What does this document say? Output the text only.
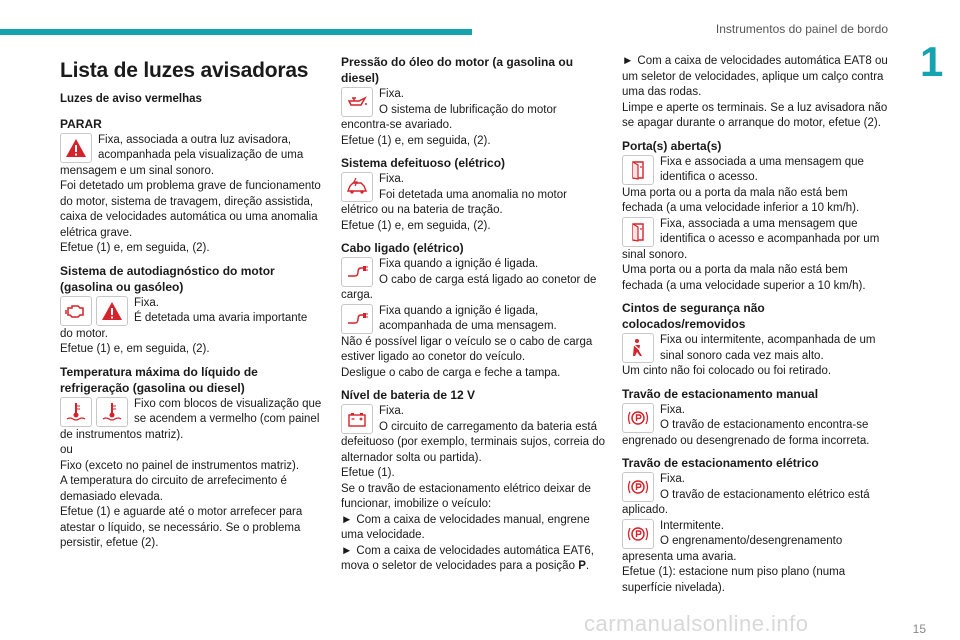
Instrumentos do painel de bordo
1
Lista de luzes avisadoras
Luzes de aviso vermelhas
PARAR
Fixa, associada a outra luz avisadora, acompanhada pela visualização de uma mensagem e um sinal sonoro.
Foi detetado um problema grave de funcionamento do motor, sistema de travagem, direção assistida, caixa de velocidades automática ou uma anomalia elétrica grave.
Efetue (1) e, em seguida, (2).
Sistema de autodiagnóstico do motor (gasolina ou gasóleo)
Fixa.
É detetada uma avaria importante do motor.
Efetue (1) e, em seguida, (2).
Temperatura máxima do líquido de refrigeração (gasolina ou diesel)
Fixo com blocos de visualização que se acendem a vermelho (com painel de instrumentos matriz).
ou
Fixo (exceto no painel de instrumentos matriz).
A temperatura do circuito de arrefecimento é demasiado elevada.
Efetue (1) e aguarde até o motor arrefecer para atestar o líquido, se necessário. Se o problema persistir, efetue (2).
Pressão do óleo do motor (a gasolina ou diesel)
Fixa.
O sistema de lubrificação do motor encontra-se avariado.
Efetue (1) e, em seguida, (2).
Sistema defeituoso (elétrico)
Fixa.
Foi detetada uma anomalia no motor elétrico ou na bateria de tração.
Efetue (1) e, em seguida, (2).
Cabo ligado (elétrico)
Fixa quando a ignição é ligada.
O cabo de carga está ligado ao conetor de carga.
Fixa quando a ignição é ligada, acompanhada de uma mensagem.
Não é possível ligar o veículo se o cabo de carga estiver ligado ao conetor do veículo.
Desligue o cabo de carga e feche a tampa.
Nível de bateria de 12 V
Fixa.
O circuito de carregamento da bateria está defeituoso (por exemplo, terminais sujos, correia do alternador solta ou partida).
Efetue (1).
Se o travão de estacionamento elétrico deixar de funcionar, imobilize o veículo:
► Com a caixa de velocidades manual, engrene uma velocidade.
► Com a caixa de velocidades automática EAT6, mova o seletor de velocidades para a posição P.
► Com a caixa de velocidades automática EAT8 ou um seletor de velocidades, aplique um calço contra uma das rodas.
Limpe e aperte os terminais. Se a luz avisadora não se apagar durante o arranque do motor, efetue (2).
Porta(s) aberta(s)
Fixa e associada a uma mensagem que identifica o acesso.
Uma porta ou a porta da mala não está bem fechada (a uma velocidade inferior a 10 km/h).
Fixa, associada a uma mensagem que identifica o acesso e acompanhada por um sinal sonoro.
Uma porta ou a porta da mala não está bem fechada (a uma velocidade superior a 10 km/h).
Cintos de segurança não colocados/removidos
Fixa ou intermitente, acompanhada de um sinal sonoro cada vez mais alto.
Um cinto não foi colocado ou foi retirado.
Travão de estacionamento manual
Fixa.
O travão de estacionamento encontra-se engrenado ou desengrenado de forma incorreta.
Travão de estacionamento elétrico
Fixa.
O travão de estacionamento elétrico está aplicado.
Intermitente.
O engrenamento/desengrenamento apresenta uma avaria.
Efetue (1): estacione num piso plano (numa superfície nivelada).
carmanualsonline.info	15
